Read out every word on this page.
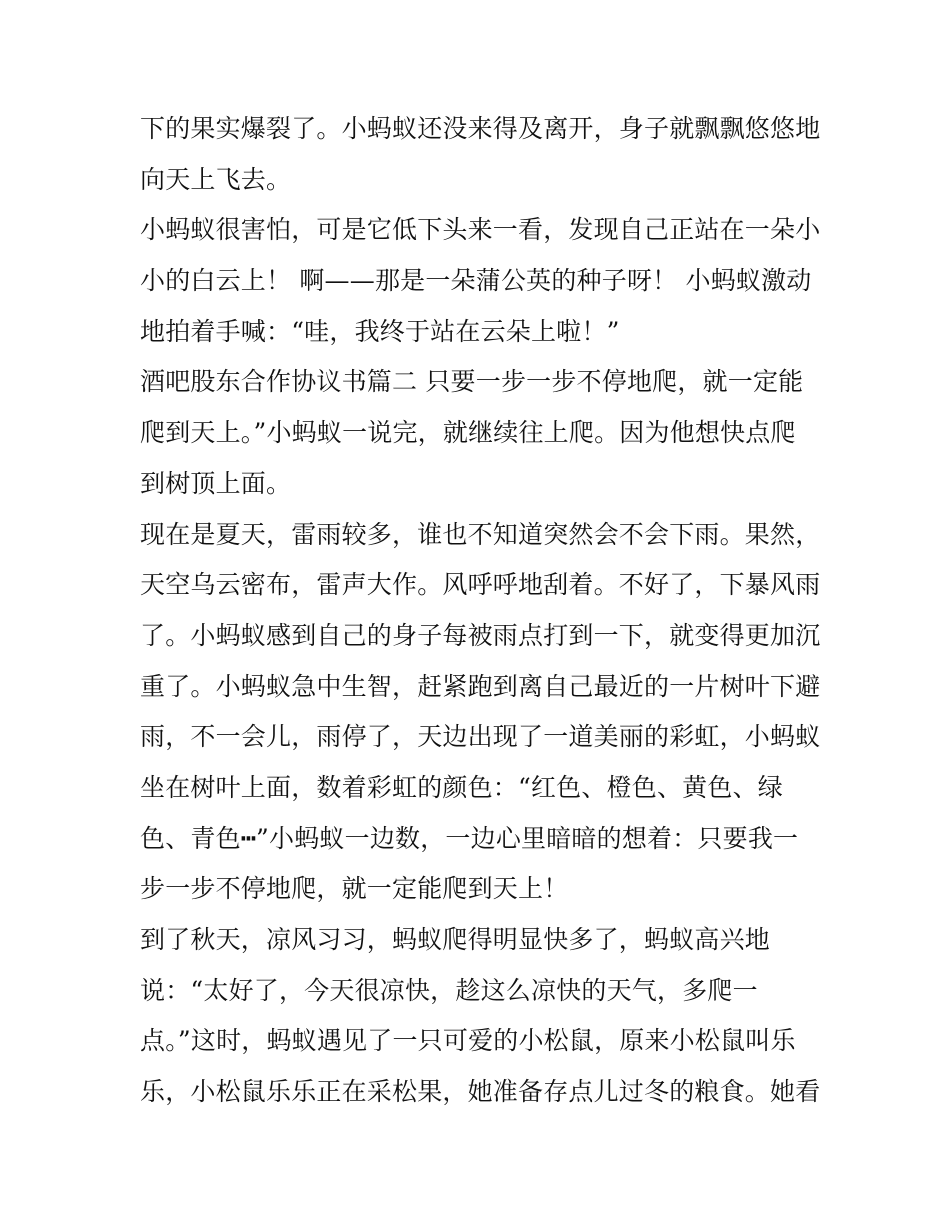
下的果实爆裂了。小蚂蚁还没来得及离开，身子就飘飘悠悠地
向天上飞去。
小蚂蚁很害怕，可是它低下头来一看，发现自己正站在一朵小
小的白云上！ 啊——那是一朵蒲公英的种子呀！ 小蚂蚁激动
地拍着手喊：“哇，我终于站在云朵上啦！”
酒吧股东合作协议书篇二 只要一步一步不停地爬，就一定能
爬到天上。”小蚂蚁一说完，就继续往上爬。因为他想快点爬
到树顶上面。
现在是夏天，雷雨较多，谁也不知道突然会不会下雨。果然，
天空乌云密布，雷声大作。风呼呼地刮着。不好了，下暴风雨
了。小蚂蚁感到自己的身子每被雨点打到一下，就变得更加沉
重了。小蚂蚁急中生智，赶紧跑到离自己最近的一片树叶下避
雨，不一会儿，雨停了，天边出现了一道美丽的彩虹，小蚂蚁
坐在树叶上面，数着彩虹的颜色：“红色、橙色、黄色、绿
色、青色┅”小蚂蚁一边数，一边心里暗暗的想着：只要我一
步一步不停地爬，就一定能爬到天上！
到了秋天，凉风习习，蚂蚁爬得明显快多了，蚂蚁高兴地
说：“太好了，今天很凉快，趁这么凉快的天气，多爬一
点。”这时，蚂蚁遇见了一只可爱的小松鼠，原来小松鼠叫乐
乐，小松鼠乐乐正在采松果，她准备存点儿过冬的粮食。她看
